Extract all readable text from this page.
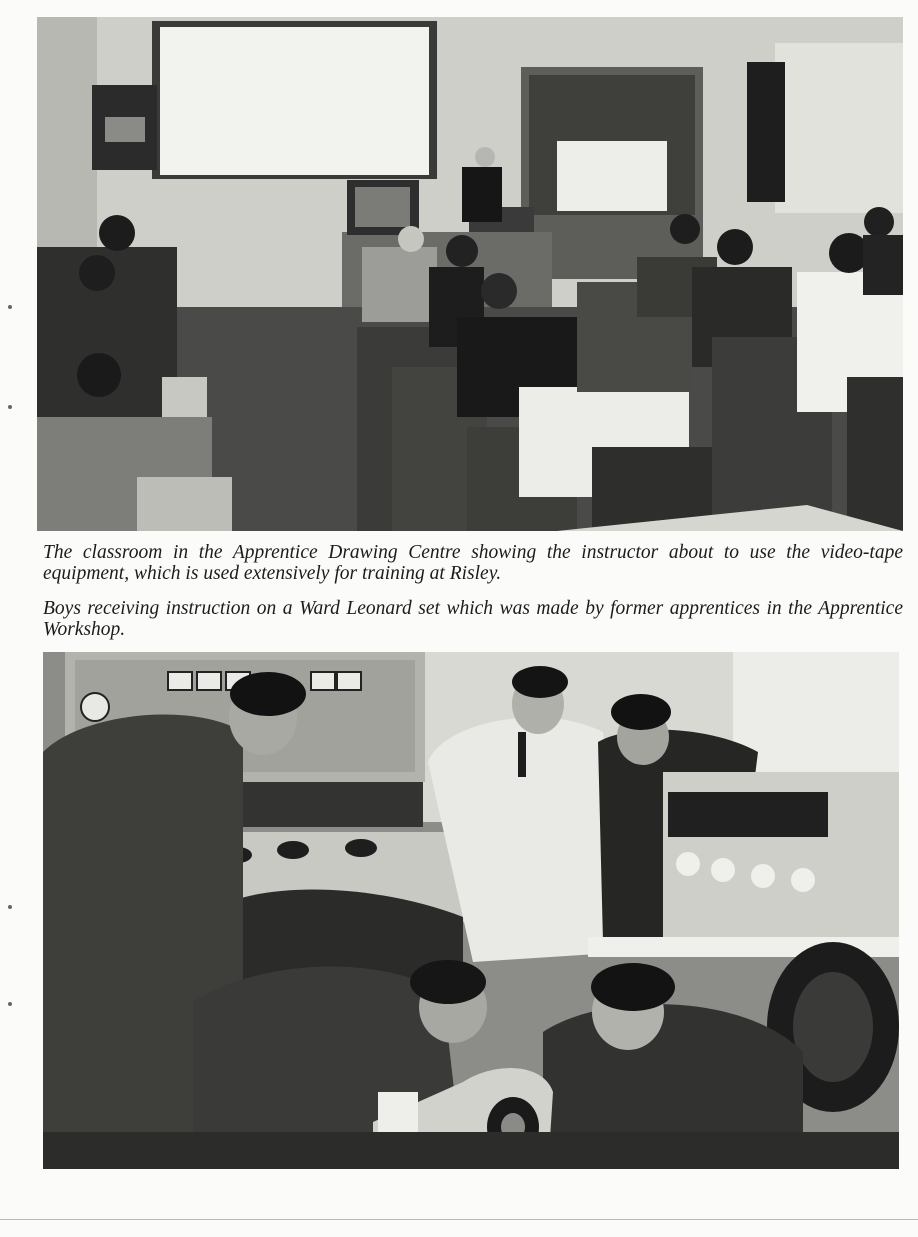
The classroom in the Apprentice Drawing Centre showing the instructor about to use the video-tape equipment, which is used extensively for training at Risley.

Boys receiving instruction on a Ward Leonard set which was made by former apprentices in the Apprentice Workshop.
